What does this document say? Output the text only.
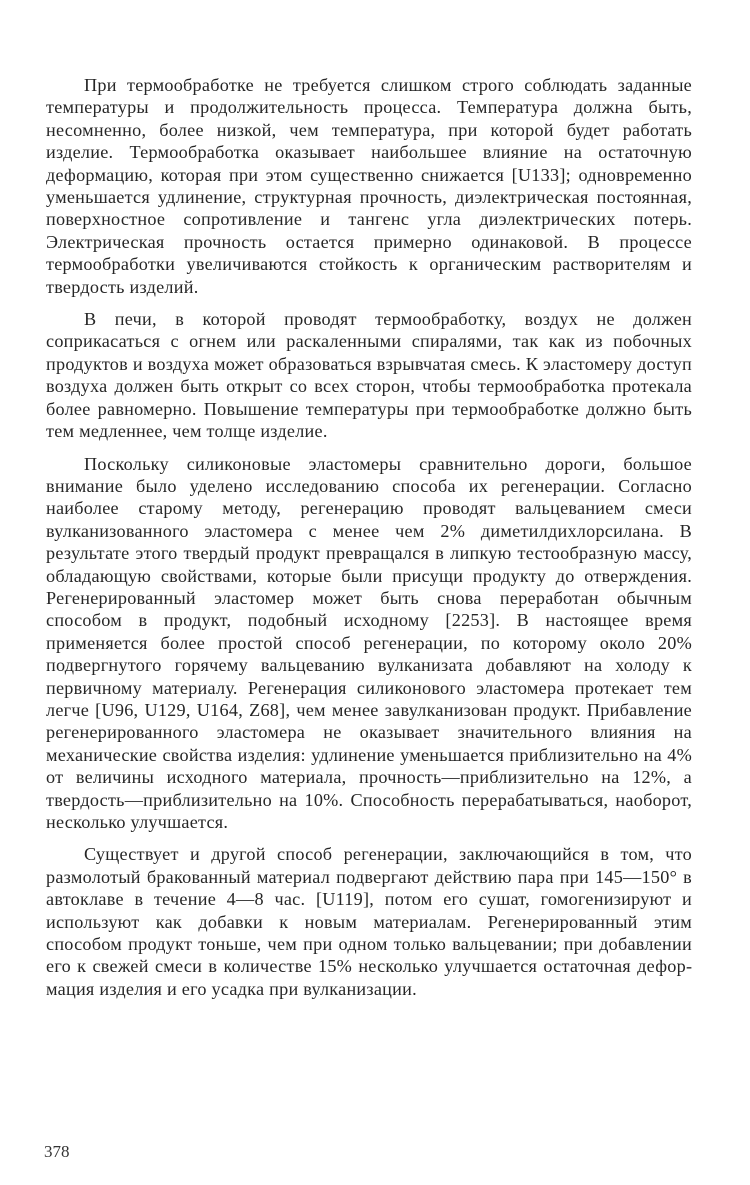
При термообработке не требуется слишком строго соблюдать заданные температуры и продолжительность процесса. Температура должна быть, несомненно, более низкой, чем температура, при которой будет работать изделие. Термообработка оказывает наибольшее влияние на остаточную деформацию, которая при этом существенно снижается [U133]; одновременно уменьшается удлинение, структурная прочность, диэлектрическая постоянная, поверхностное сопротивление и тангенс угла диэлектрических потерь. Электрическая прочность остается примерно одинаковой. В процессе термообработки увеличиваются стойкость к органическим растворителям и твердость изделий.

В печи, в которой проводят термообработку, воздух не должен соприкасаться с огнем или раскаленными спиралями, так как из побочных продуктов и воздуха может образоваться взрывчатая смесь. К эластомеру доступ воздуха должен быть открыт со всех сторон, чтобы термообработка протекала более равномерно. Повышение температуры при термообработке должно быть тем медленнее, чем толще изделие.

Поскольку силиконовые эластомеры сравнительно дороги, большое внимание было уделено исследованию способа их регенерации. Согласно наиболее старому методу, регенерацию проводят вальцеванием смеси вулканизованного эластомера с менее чем 2% диметилдихлорсилана. В результате этого твердый продукт превращался в липкую тестообразную массу, обладающую свойствами, которые были присущи продукту до отверждения. Регенерированный эластомер может быть снова переработан обычным способом в продукт, подобный исходному [2253]. В настоящее время применяется более простой способ регенерации, по которому около 20% подвергнутого горячему вальцеванию вулканизата добавляют на холоду к первичному материалу. Регенерация силиконового эластомера протекает тем легче [U96, U129, U164, Z68], чем менее завулканизован продукт. Прибавление регенерированного эластомера не оказывает значительного влияния на механические свойства изделия: удлинение уменьшается приблизительно на 4% от величины исходного материала, прочность—приблизительно на 12%, а твердость—приблизительно на 10%. Способность перерабатываться, наоборот, несколько улучшается.

Существует и другой способ регенерации, заключающийся в том, что размолотый бракованный материал подвергают действию пара при 145—150° в автоклаве в течение 4—8 час. [U119], потом его сушат, гомогенизируют и используют как добавки к новым материалам. Регенерированный этим способом продукт тоньше, чем при одном только вальцевании; при добавлении его к свежей смеси в количестве 15% несколько улучшается остаточная деформация изделия и его усадка при вулканизации.

378
